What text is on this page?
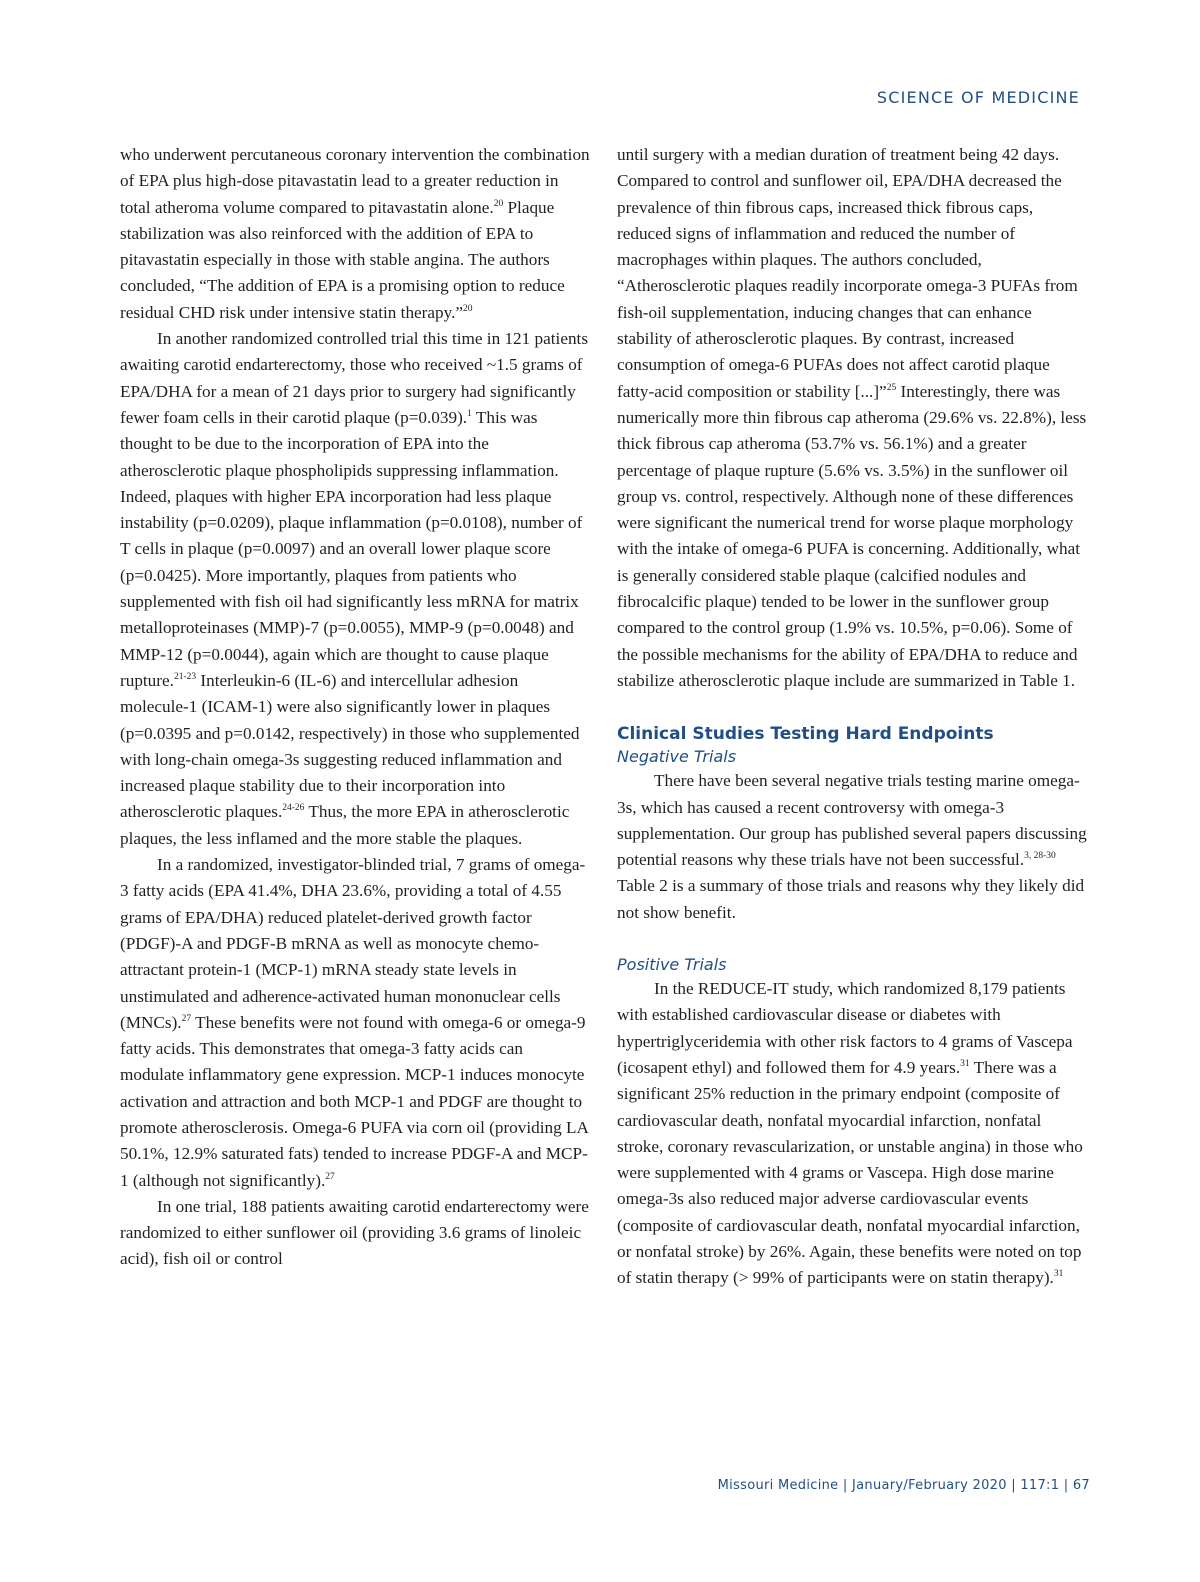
SCIENCE OF MEDICINE

who underwent percutaneous coronary intervention the combination of EPA plus high-dose pitavastatin lead to a greater reduction in total atheroma volume compared to pitavastatin alone.$^{20}$ Plaque stabilization was also reinforced with the addition of EPA to pitavastatin especially in those with stable angina. The authors concluded, “The addition of EPA is a promising option to reduce residual CHD risk under intensive statin therapy.”$^{20}$

In another randomized controlled trial this time in 121 patients awaiting carotid endarterectomy, those who received ~1.5 grams of EPA/DHA for a mean of 21 days prior to surgery had significantly fewer foam cells in their carotid plaque (p=0.039).$^1$ This was thought to be due to the incorporation of EPA into the atherosclerotic plaque phospholipids suppressing inflammation. Indeed, plaques with higher EPA incorporation had less plaque instability (p=0.0209), plaque inflammation (p=0.0108), number of T cells in plaque (p=0.0097) and an overall lower plaque score (p=0.0425). More importantly, plaques from patients who supplemented with fish oil had significantly less mRNA for matrix metalloproteinases (MMP)-7 (p=0.0055), MMP-9 (p=0.0048) and MMP-12 (p=0.0044), again which are thought to cause plaque rupture.$^{21-23}$ Interleukin-6 (IL-6) and intercellular adhesion molecule-1 (ICAM-1) were also significantly lower in plaques (p=0.0395 and p=0.0142, respectively) in those who supplemented with long-chain omega-3s suggesting reduced inflammation and increased plaque stability due to their incorporation into atherosclerotic plaques.$^{24-26}$ Thus, the more EPA in atherosclerotic plaques, the less inflamed and the more stable the plaques.

In a randomized, investigator-blinded trial, 7 grams of omega-3 fatty acids (EPA 41.4%, DHA 23.6%, providing a total of 4.55 grams of EPA/DHA) reduced platelet-derived growth factor (PDGF)-A and PDGF-B mRNA as well as monocyte chemo-attractant protein-1 (MCP-1) mRNA steady state levels in unstimulated and adherence-activated human mononuclear cells (MNCs).$^{27}$ These benefits were not found with omega-6 or omega-9 fatty acids. This demonstrates that omega-3 fatty acids can modulate inflammatory gene expression. MCP-1 induces monocyte activation and attraction and both MCP-1 and PDGF are thought to promote atherosclerosis. Omega-6 PUFA via corn oil (providing LA 50.1%, 12.9% saturated fats) tended to increase PDGF-A and MCP-1 (although not significantly).$^{27}$

In one trial, 188 patients awaiting carotid endarterectomy were randomized to either sunflower oil (providing 3.6 grams of linoleic acid), fish oil or control

until surgery with a median duration of treatment being 42 days. Compared to control and sunflower oil, EPA/DHA decreased the prevalence of thin fibrous caps, increased thick fibrous caps, reduced signs of inflammation and reduced the number of macrophages within plaques. The authors concluded, “Atherosclerotic plaques readily incorporate omega-3 PUFAs from fish-oil supplementation, inducing changes that can enhance stability of atherosclerotic plaques. By contrast, increased consumption of omega-6 PUFAs does not affect carotid plaque fatty-acid composition or stability [...]”$^{25}$ Interestingly, there was numerically more thin fibrous cap atheroma (29.6% vs. 22.8%), less thick fibrous cap atheroma (53.7% vs. 56.1%) and a greater percentage of plaque rupture (5.6% vs. 3.5%) in the sunflower oil group vs. control, respectively. Although none of these differences were significant the numerical trend for worse plaque morphology with the intake of omega-6 PUFA is concerning. Additionally, what is generally considered stable plaque (calcified nodules and fibrocalcific plaque) tended to be lower in the sunflower group compared to the control group (1.9% vs. 10.5%, p=0.06). Some of the possible mechanisms for the ability of EPA/DHA to reduce and stabilize atherosclerotic plaque include are summarized in Table 1.

Clinical Studies Testing Hard Endpoints
Negative Trials

There have been several negative trials testing marine omega-3s, which has caused a recent controversy with omega-3 supplementation. Our group has published several papers discussing potential reasons why these trials have not been successful.$^{3, 28-30}$ Table 2 is a summary of those trials and reasons why they likely did not show benefit.

Positive Trials

In the REDUCE-IT study, which randomized 8,179 patients with established cardiovascular disease or diabetes with hypertriglyceridemia with other risk factors to 4 grams of Vascepa (icosapent ethyl) and followed them for 4.9 years.$^{31}$ There was a significant 25% reduction in the primary endpoint (composite of cardiovascular death, nonfatal myocardial infarction, nonfatal stroke, coronary revascularization, or unstable angina) in those who were supplemented with 4 grams or Vascepa. High dose marine omega-3s also reduced major adverse cardiovascular events (composite of cardiovascular death, nonfatal myocardial infarction, or nonfatal stroke) by 26%. Again, these benefits were noted on top of statin therapy (> 99% of participants were on statin therapy).$^{31}$

Missouri Medicine | January/February 2020 | 117:1 | 67
